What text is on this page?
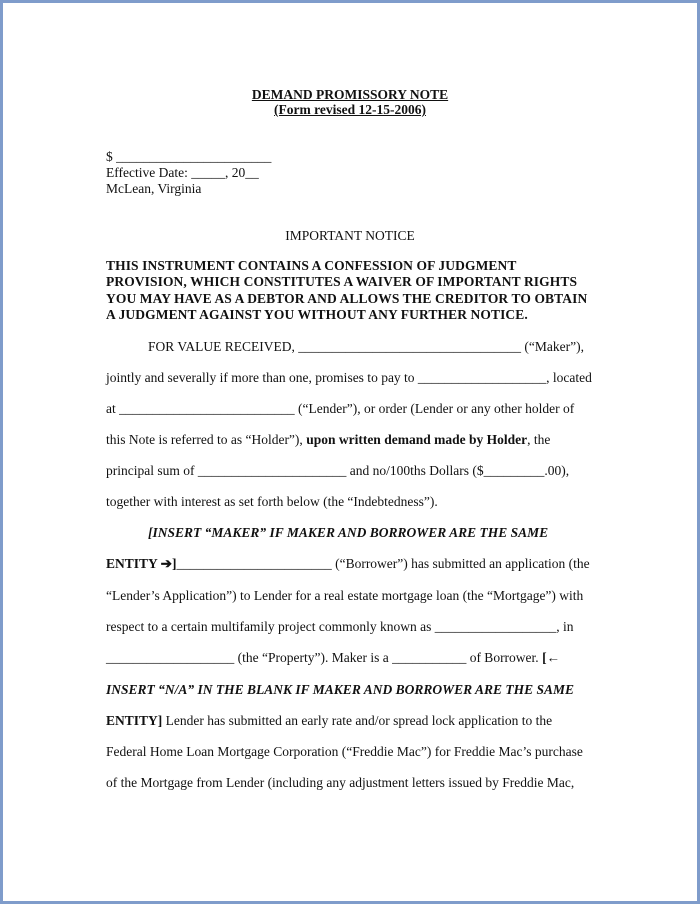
DEMAND PROMISSORY NOTE
(Form revised 12-15-2006)
$ _______________________
Effective Date: _____, 20__
McLean, Virginia
IMPORTANT NOTICE
THIS INSTRUMENT CONTAINS A CONFESSION OF JUDGMENT
PROVISION, WHICH CONSTITUTES A WAIVER OF IMPORTANT RIGHTS
YOU MAY HAVE AS A DEBTOR AND ALLOWS THE CREDITOR TO OBTAIN
A JUDGMENT AGAINST YOU WITHOUT ANY FURTHER NOTICE.
FOR VALUE RECEIVED, _________________________________ (“Maker”),
jointly and severally if more than one, promises to pay to ___________________, located
at __________________________ (“Lender”), or order (Lender or any other holder of
this Note is referred to as “Holder”), upon written demand made by Holder, the
principal sum of ______________________ and no/100ths Dollars ($_________.00),
together with interest as set forth below (the “Indebtedness”).
[INSERT “MAKER” IF MAKER AND BORROWER ARE THE SAME
ENTITY ➔]_______________________ (“Borrower”) has submitted an application (the
“Lender’s Application”) to Lender for a real estate mortgage loan (the “Mortgage”) with
respect to a certain multifamily project commonly known as __________________, in
___________________ (the “Property”). Maker is a ___________ of Borrower. [←
INSERT “N/A” IN THE BLANK IF MAKER AND BORROWER ARE THE SAME
ENTITY] Lender has submitted an early rate and/or spread lock application to the
Federal Home Loan Mortgage Corporation (“Freddie Mac”) for Freddie Mac’s purchase
of the Mortgage from Lender (including any adjustment letters issued by Freddie Mac,
